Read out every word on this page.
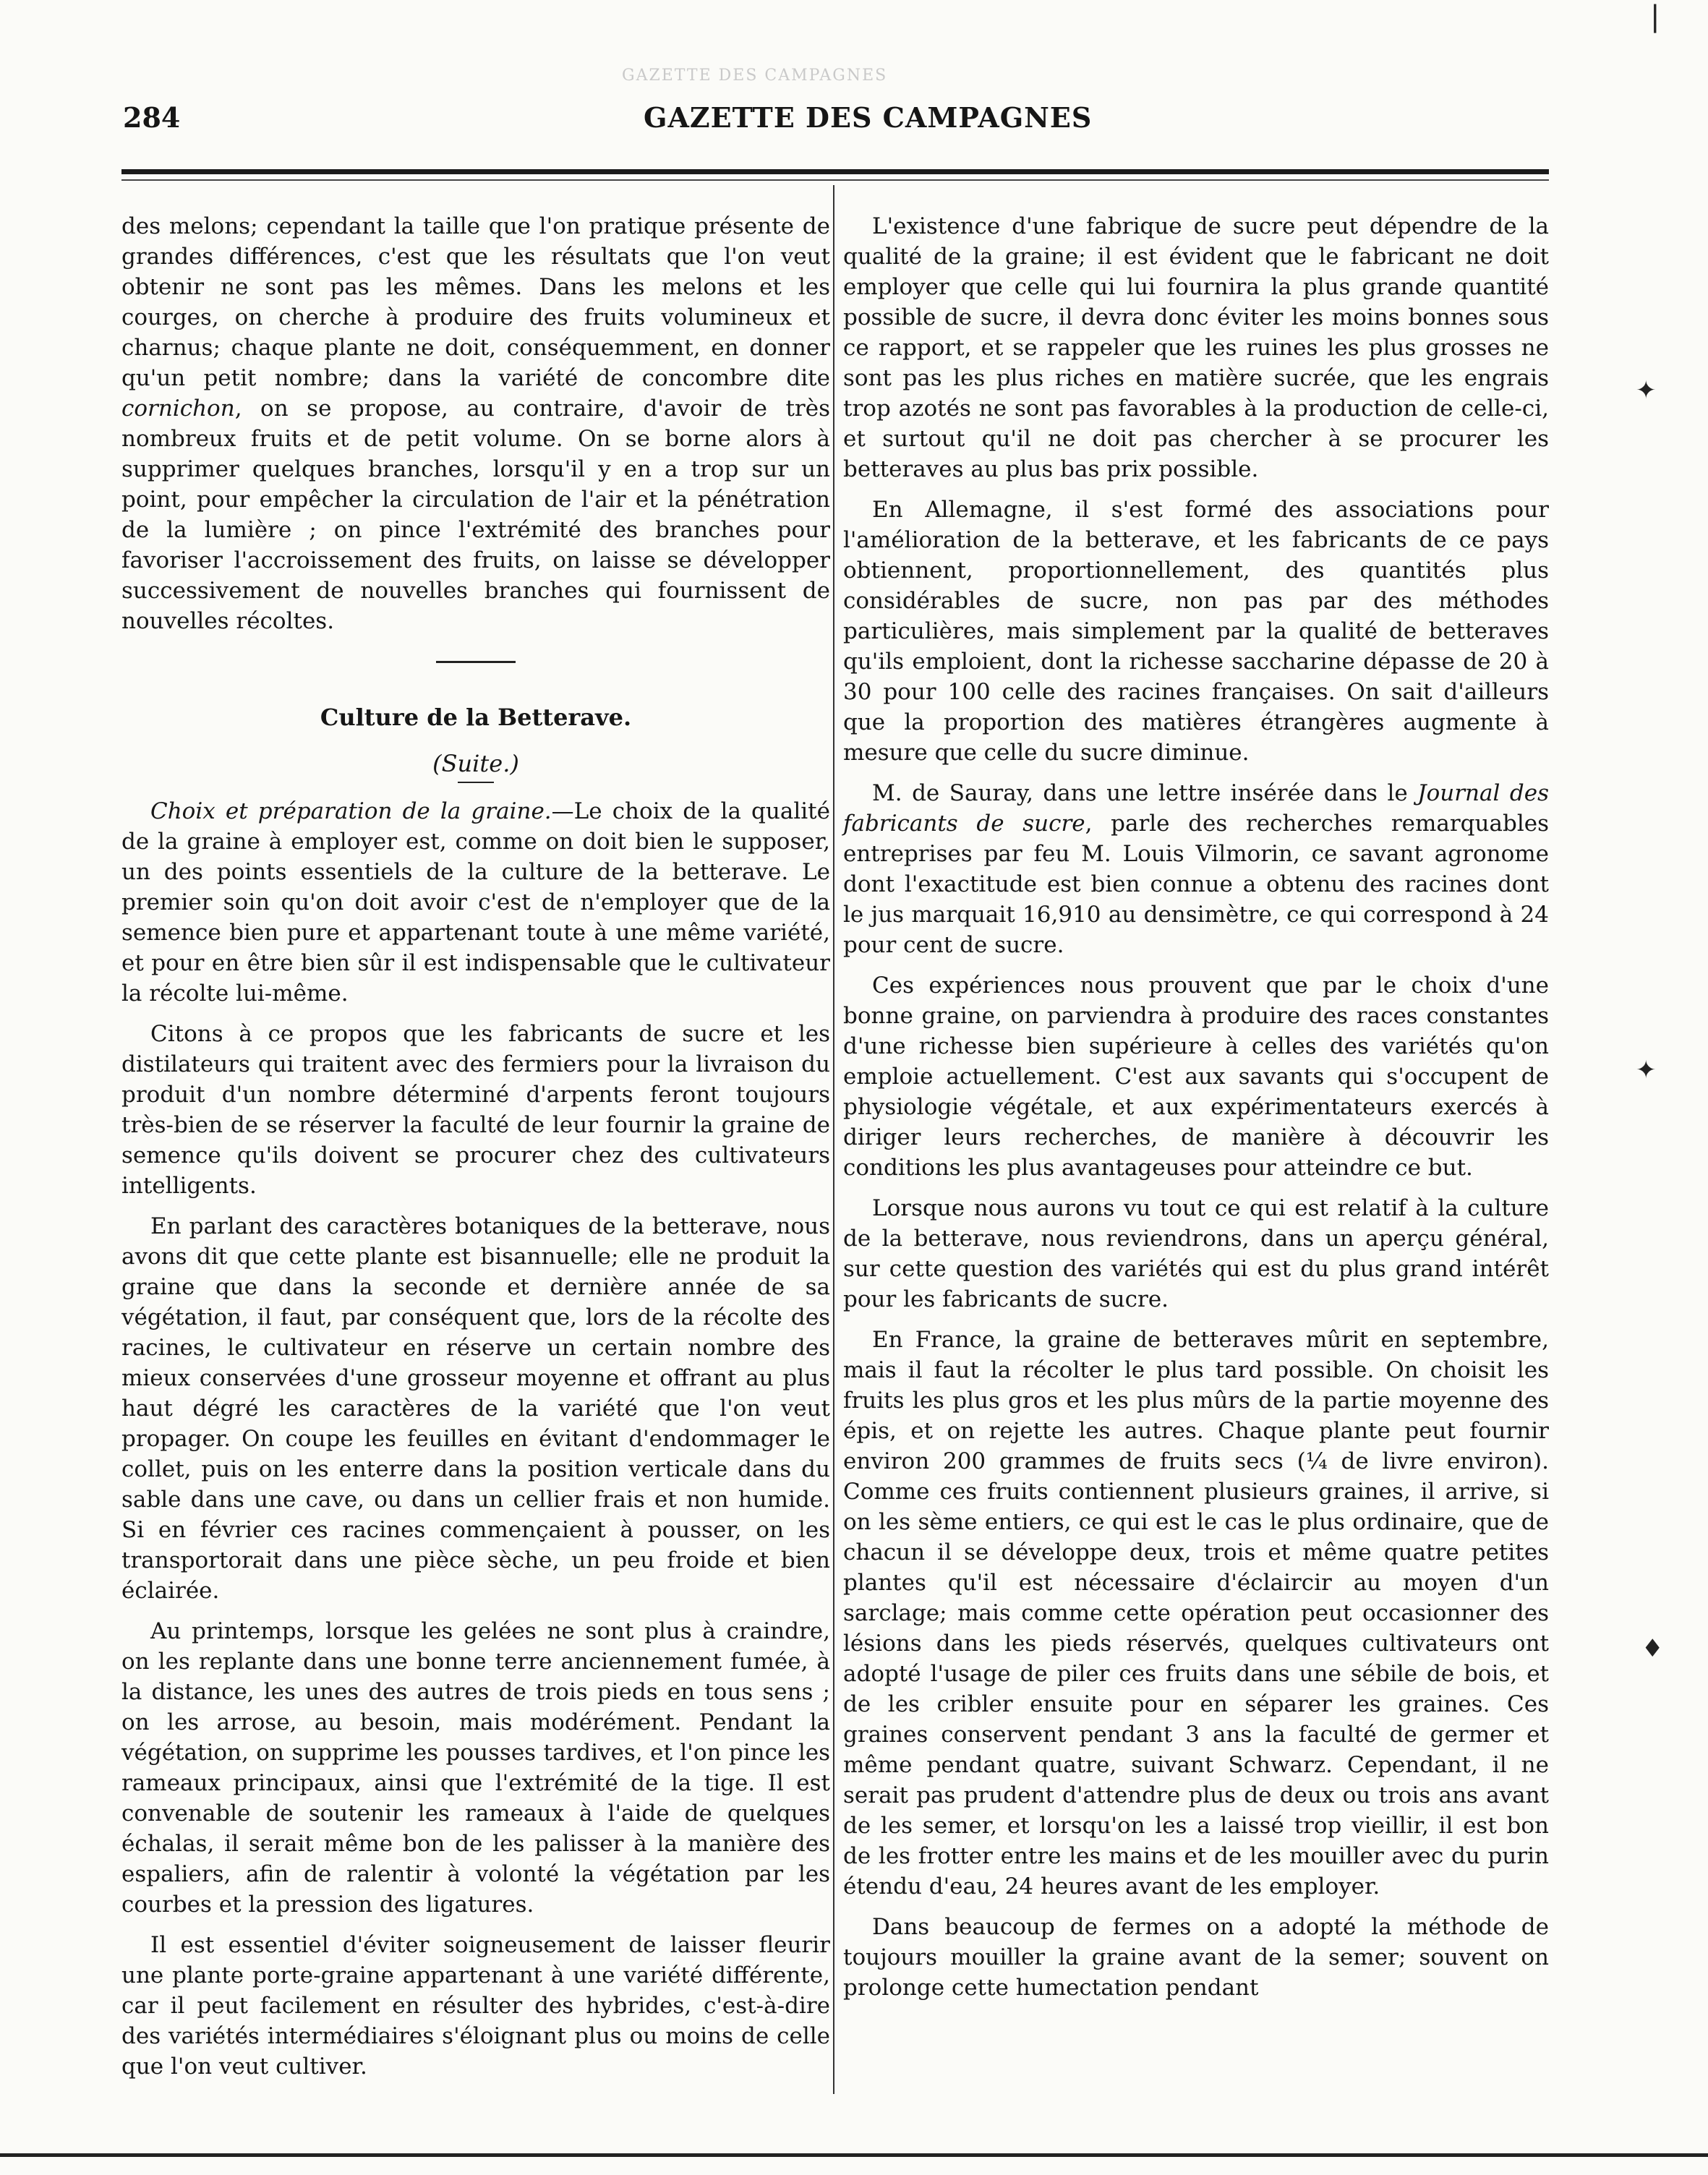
GAZETTE DES CAMPAGNES
284	GAZETTE DES CAMPAGNES

des melons; cependant la taille que l'on pratique présente de grandes différences, c'est que les résultats que l'on veut obtenir ne sont pas les mêmes. Dans les melons et les courges, on cherche à produire des fruits volumineux et charnus; chaque plante ne doit, conséquemment, en donner qu'un petit nombre; dans la variété de concombre dite cornichon, on se propose, au contraire, d'avoir de très nombreux fruits et de petit volume. On se borne alors à supprimer quelques branches, lorsqu'il y en a trop sur un point, pour empêcher la circulation de l'air et la pénétration de la lumière ; on pince l'extrémité des branches pour favoriser l'accroissement des fruits, on laisse se développer successivement de nouvelles branches qui fournissent de nouvelles récoltes.

Culture de la Betterave.
(Suite.)

Choix et préparation de la graine.—Le choix de la qualité de la graine à employer est, comme on doit bien le supposer, un des points essentiels de la culture de la betterave. Le premier soin qu'on doit avoir c'est de n'employer que de la semence bien pure et appartenant toute à une même variété, et pour en être bien sûr il est indispensable que le cultivateur la récolte lui-même.

Citons à ce propos que les fabricants de sucre et les distilateurs qui traitent avec des fermiers pour la livraison du produit d'un nombre déterminé d'arpents feront toujours très-bien de se réserver la faculté de leur fournir la graine de semence qu'ils doivent se procurer chez des cultivateurs intelligents.

En parlant des caractères botaniques de la betterave, nous avons dit que cette plante est bisannuelle; elle ne produit la graine que dans la seconde et dernière année de sa végétation, il faut, par conséquent que, lors de la récolte des racines, le cultivateur en réserve un certain nombre des mieux conservées d'une grosseur moyenne et offrant au plus haut dégré les caractères de la variété que l'on veut propager. On coupe les feuilles en évitant d'endommager le collet, puis on les enterre dans la position verticale dans du sable dans une cave, ou dans un cellier frais et non humide. Si en février ces racines commençaient à pousser, on les transportorait dans une pièce sèche, un peu froide et bien éclairée.

Au printemps, lorsque les gelées ne sont plus à craindre, on les replante dans une bonne terre anciennement fumée, à la distance, les unes des autres de trois pieds en tous sens ; on les arrose, au besoin, mais modérément. Pendant la végétation, on supprime les pousses tardives, et l'on pince les rameaux principaux, ainsi que l'extrémité de la tige. Il est convenable de soutenir les rameaux à l'aide de quelques échalas, il serait même bon de les palisser à la manière des espaliers, afin de ralentir à volonté la végétation par les courbes et la pression des ligatures.

Il est essentiel d'éviter soigneusement de laisser fleurir une plante porte-graine appartenant à une variété différente, car il peut facilement en résulter des hybrides, c'est-à-dire des variétés intermédiaires s'éloignant plus ou moins de celle que l'on veut cultiver.

L'existence d'une fabrique de sucre peut dépendre de la qualité de la graine; il est évident que le fabricant ne doit employer que celle qui lui fournira la plus grande quantité possible de sucre, il devra donc éviter les moins bonnes sous ce rapport, et se rappeler que les ruines les plus grosses ne sont pas les plus riches en matière sucrée, que les engrais trop azotés ne sont pas favorables à la production de celle-ci, et surtout qu'il ne doit pas chercher à se procurer les betteraves au plus bas prix possible.

En Allemagne, il s'est formé des associations pour l'amélioration de la betterave, et les fabricants de ce pays obtiennent, proportionnellement, des quantités plus considérables de sucre, non pas par des méthodes particulières, mais simplement par la qualité de betteraves qu'ils emploient, dont la richesse saccharine dépasse de 20 à 30 pour 100 celle des racines françaises. On sait d'ailleurs que la proportion des matières étrangères augmente à mesure que celle du sucre diminue.

M. de Sauray, dans une lettre insérée dans le Journal des fabricants de sucre, parle des recherches remarquables entreprises par feu M. Louis Vilmorin, ce savant agronome dont l'exactitude est bien connue a obtenu des racines dont le jus marquait 16,910 au densimètre, ce qui correspond à 24 pour cent de sucre.

Ces expériences nous prouvent que par le choix d'une bonne graine, on parviendra à produire des races constantes d'une richesse bien supérieure à celles des variétés qu'on emploie actuellement. C'est aux savants qui s'occupent de physiologie végétale, et aux expérimentateurs exercés à diriger leurs recherches, de manière à découvrir les conditions les plus avantageuses pour atteindre ce but.

Lorsque nous aurons vu tout ce qui est relatif à la culture de la betterave, nous reviendrons, dans un aperçu général, sur cette question des variétés qui est du plus grand intérêt pour les fabricants de sucre.

En France, la graine de betteraves mûrit en septembre, mais il faut la récolter le plus tard possible. On choisit les fruits les plus gros et les plus mûrs de la partie moyenne des épis, et on rejette les autres. Chaque plante peut fournir environ 200 grammes de fruits secs (¼ de livre environ). Comme ces fruits contiennent plusieurs graines, il arrive, si on les sème entiers, ce qui est le cas le plus ordinaire, que de chacun il se développe deux, trois et même quatre petites plantes qu'il est nécessaire d'éclaircir au moyen d'un sarclage; mais comme cette opération peut occasionner des lésions dans les pieds réservés, quelques cultivateurs ont adopté l'usage de piler ces fruits dans une sébile de bois, et de les cribler ensuite pour en séparer les graines. Ces graines conservent pendant 3 ans la faculté de germer et même pendant quatre, suivant Schwarz. Cependant, il ne serait pas prudent d'attendre plus de deux ou trois ans avant de les semer, et lorsqu'on les a laissé trop vieillir, il est bon de les frotter entre les mains et de les mouiller avec du purin étendu d'eau, 24 heures avant de les employer.

Dans beaucoup de fermes on a adopté la méthode de toujours mouiller la graine avant de la semer; souvent on prolonge cette humectation pendant

❘
✦
✦
♦
